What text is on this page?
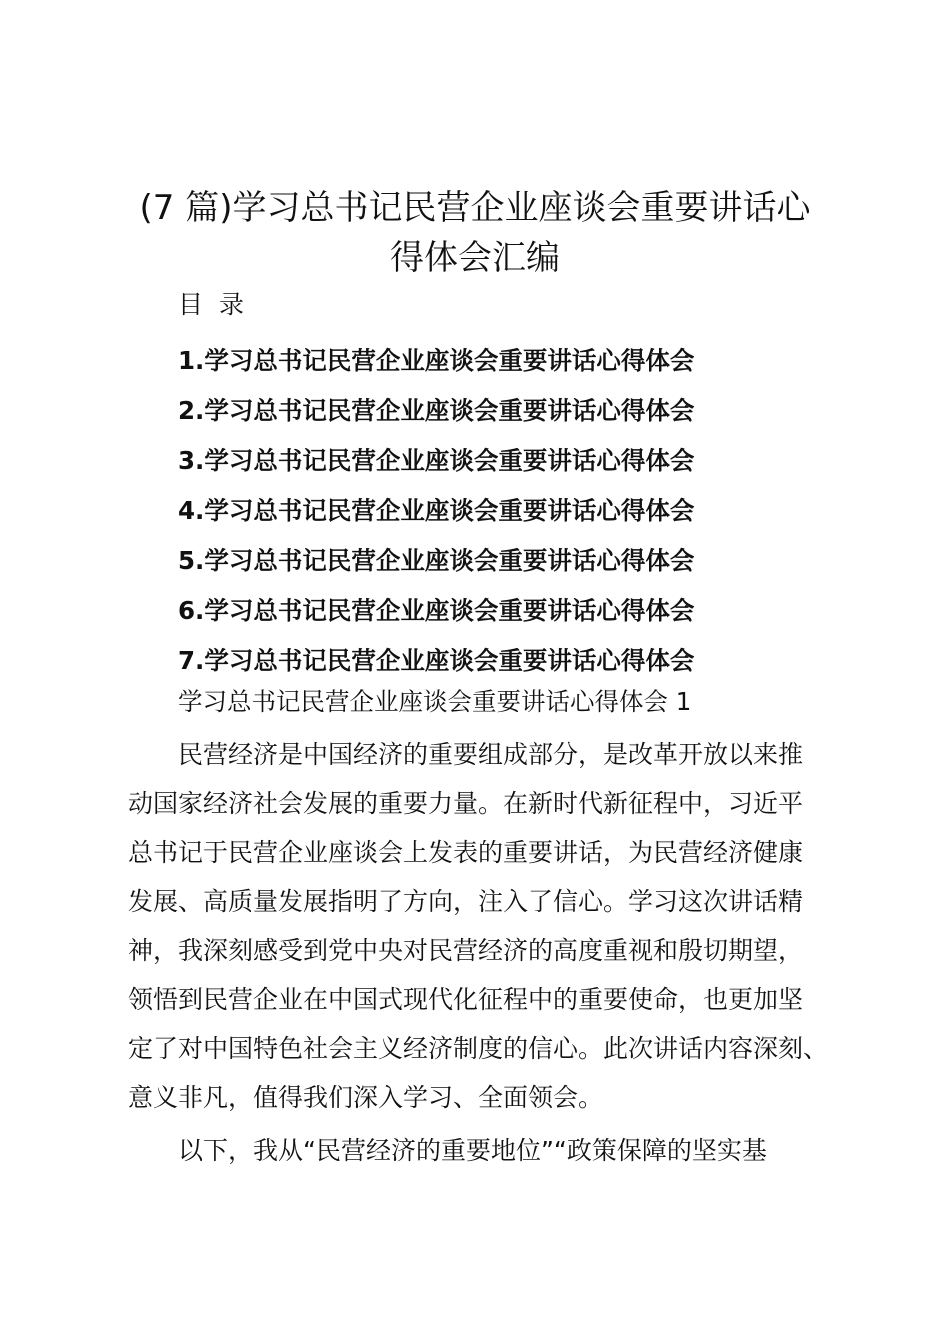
(7 篇)学习总书记民营企业座谈会重要讲话心
得体会汇编
目 录
1.学习总书记民营企业座谈会重要讲话心得体会
2.学习总书记民营企业座谈会重要讲话心得体会
3.学习总书记民营企业座谈会重要讲话心得体会
4.学习总书记民营企业座谈会重要讲话心得体会
5.学习总书记民营企业座谈会重要讲话心得体会
6.学习总书记民营企业座谈会重要讲话心得体会
7.学习总书记民营企业座谈会重要讲话心得体会
学习总书记民营企业座谈会重要讲话心得体会 1
民营经济是中国经济的重要组成部分，是改革开放以来推
动国家经济社会发展的重要力量。在新时代新征程中，习近平
总书记于民营企业座谈会上发表的重要讲话，为民营经济健康
发展、高质量发展指明了方向，注入了信心。学习这次讲话精
神，我深刻感受到党中央对民营经济的高度重视和殷切期望，
领悟到民营企业在中国式现代化征程中的重要使命，也更加坚
定了对中国特色社会主义经济制度的信心。此次讲话内容深刻、
意义非凡，值得我们深入学习、全面领会。
以下，我从“民营经济的重要地位”“政策保障的坚实基
